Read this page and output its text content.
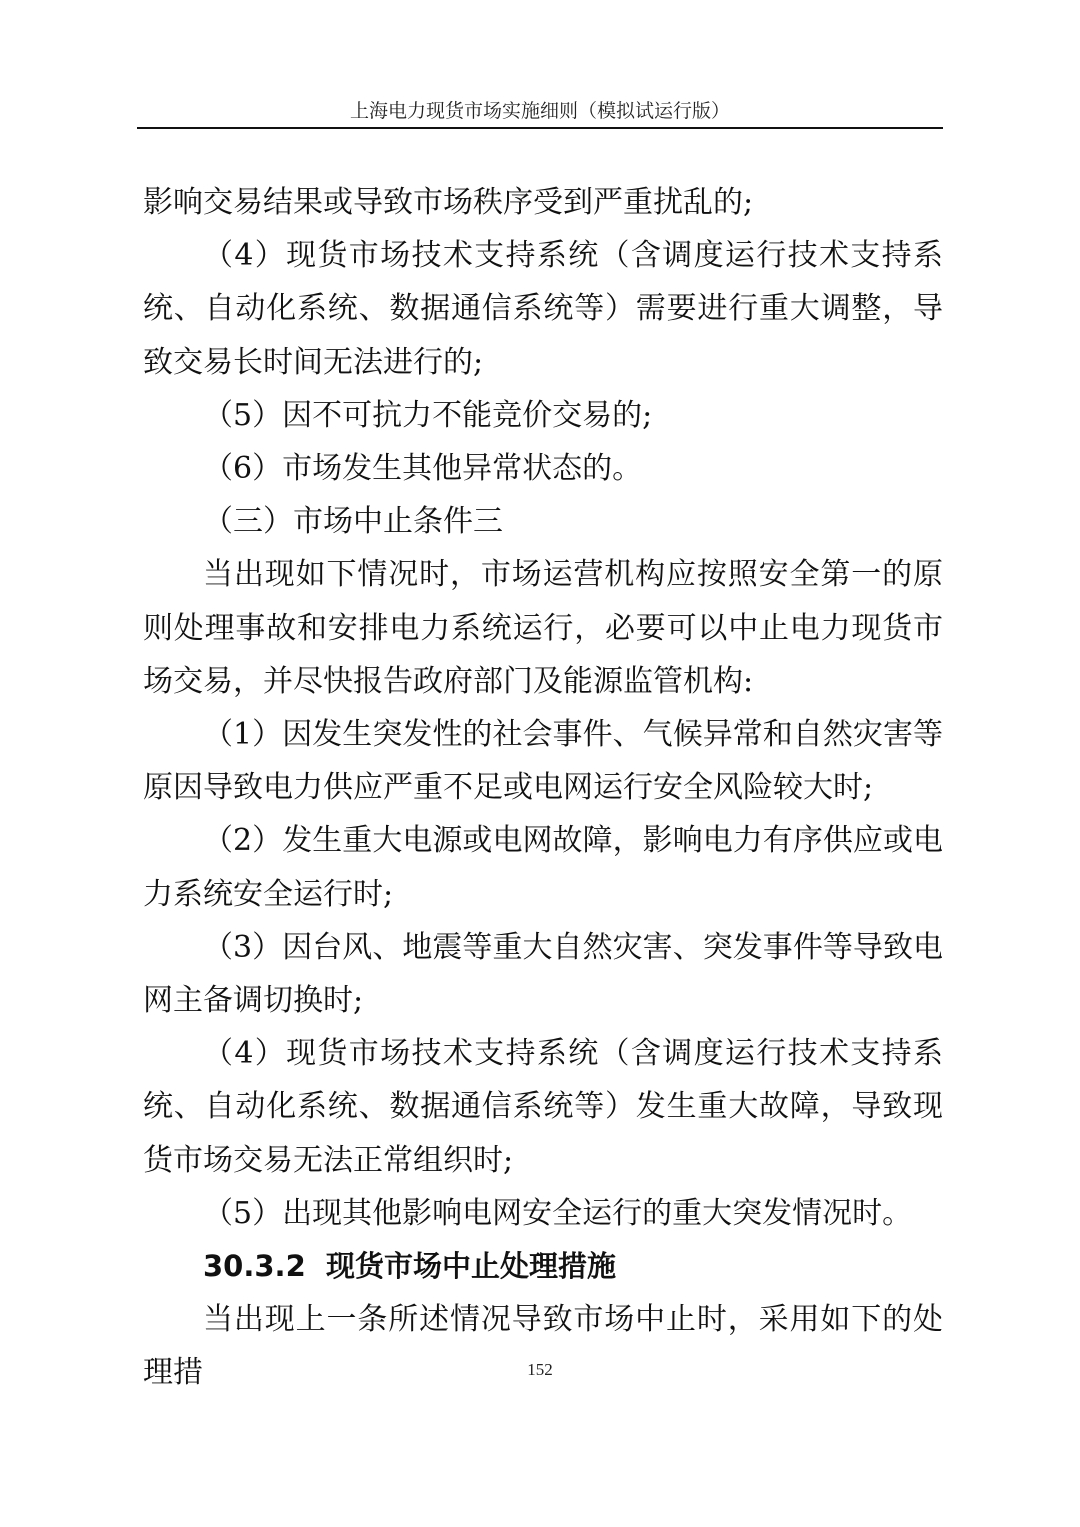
上海电力现货市场实施细则（模拟试运行版）

影响交易结果或导致市场秩序受到严重扰乱的;

（4）现货市场技术支持系统（含调度运行技术支持系统、自动化系统、数据通信系统等）需要进行重大调整，导致交易长时间无法进行的;

（5）因不可抗力不能竞价交易的;

（6）市场发生其他异常状态的。

（三）市场中止条件三

当出现如下情况时，市场运营机构应按照安全第一的原则处理事故和安排电力系统运行，必要可以中止电力现货市场交易，并尽快报告政府部门及能源监管机构:

（1）因发生突发性的社会事件、气候异常和自然灾害等原因导致电力供应严重不足或电网运行安全风险较大时;

（2）发生重大电源或电网故障，影响电力有序供应或电力系统安全运行时;

（3）因台风、地震等重大自然灾害、突发事件等导致电网主备调切换时;

（4）现货市场技术支持系统（含调度运行技术支持系统、自动化系统、数据通信系统等）发生重大故障，导致现货市场交易无法正常组织时;

（5）出现其他影响电网安全运行的重大突发情况时。

30.3.2 现货市场中止处理措施

当出现上一条所述情况导致市场中止时，采用如下的处理措	152
